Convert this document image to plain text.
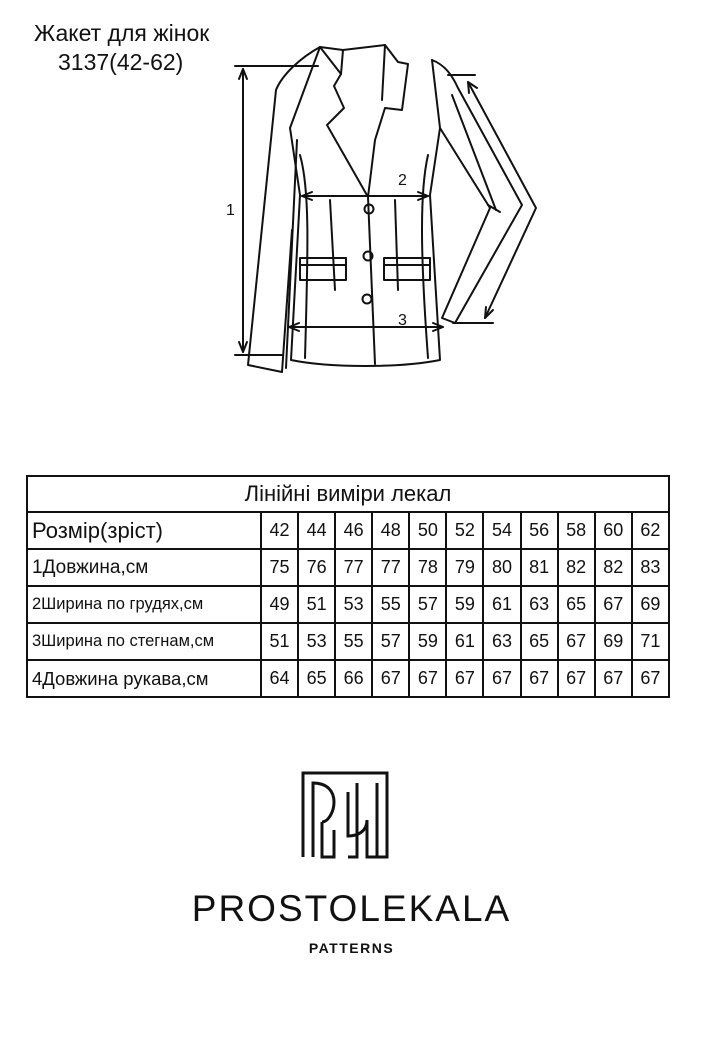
Жакет для жінок
3137(42-62)
1
2
3
Лінійні виміри лекал											
Розмір(зріст)	42	44	46	48	50	52	54	56	58	60	62
1Довжина,см	75	76	77	77	78	79	80	81	82	82	83
2Ширина по грудях,см	49	51	53	55	57	59	61	63	65	67	69
3Ширина по стегнам,см	51	53	55	57	59	61	63	65	67	69	71
4Довжина рукава,см	64	65	66	67	67	67	67	67	67	67	67
PROSTOLEKALA
PATTERNS
